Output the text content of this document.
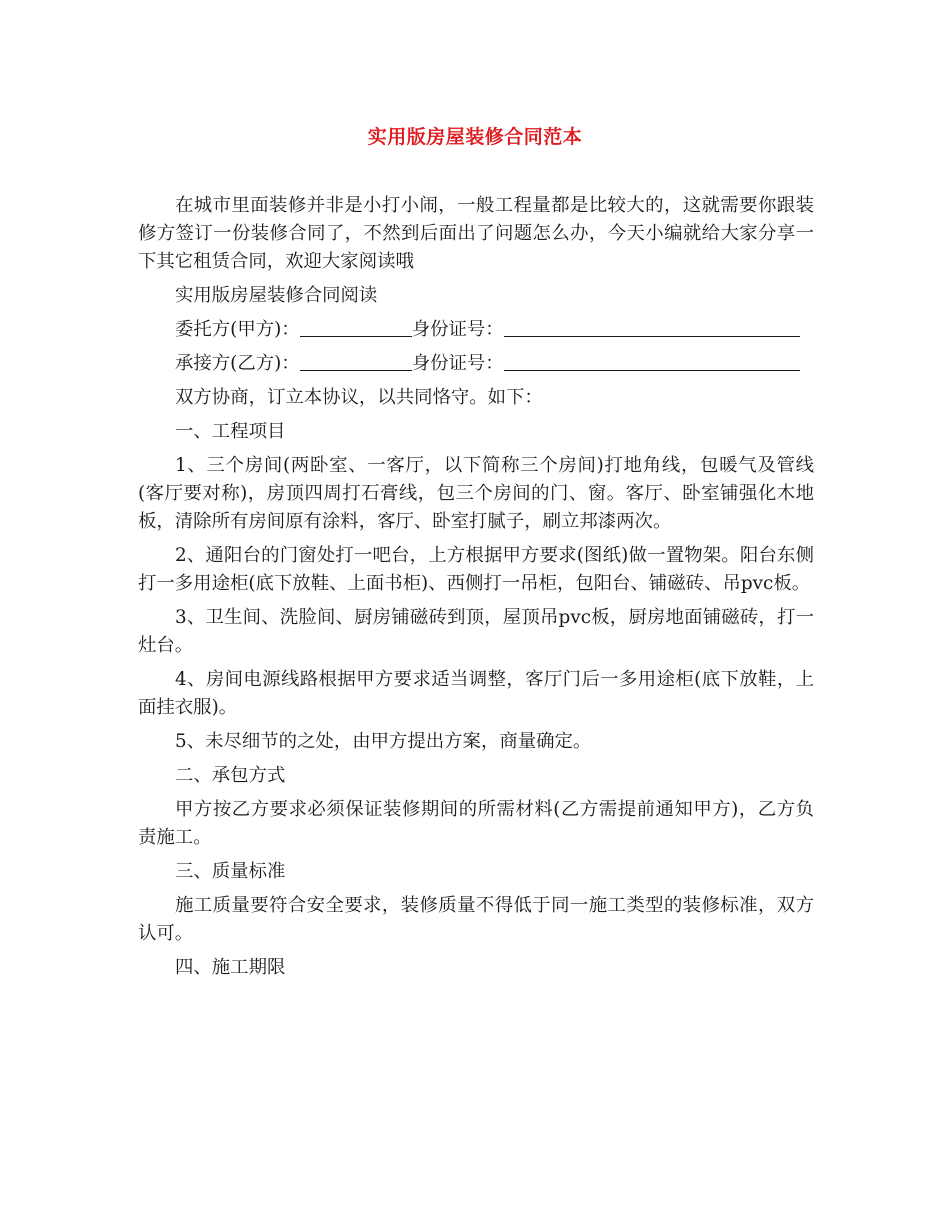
实用版房屋装修合同范本

在城市里面装修并非是小打小闹，一般工程量都是比较大的，这就需要你跟装修方签订一份装修合同了，不然到后面出了问题怎么办，今天小编就给大家分享一下其它租赁合同，欢迎大家阅读哦

实用版房屋装修合同阅读

委托方(甲方)：	身份证号：

承接方(乙方)：	身份证号：

双方协商，订立本协议，以共同恪守。如下：

一、工程项目

1、三个房间(两卧室、一客厅，以下简称三个房间)打地角线，包暖气及管线(客厅要对称)，房顶四周打石膏线，包三个房间的门、窗。客厅、卧室铺强化木地板，清除所有房间原有涂料，客厅、卧室打腻子，刷立邦漆两次。

2、通阳台的门窗处打一吧台，上方根据甲方要求(图纸)做一置物架。阳台东侧打一多用途柜(底下放鞋、上面书柜)、西侧打一吊柜，包阳台、铺磁砖、吊pvc板。

3、卫生间、洗脸间、厨房铺磁砖到顶，屋顶吊pvc板，厨房地面铺磁砖，打一灶台。

4、房间电源线路根据甲方要求适当调整，客厅门后一多用途柜(底下放鞋，上面挂衣服)。

5、未尽细节的之处，由甲方提出方案，商量确定。

二、承包方式

甲方按乙方要求必须保证装修期间的所需材料(乙方需提前通知甲方)，乙方负责施工。

三、质量标准

施工质量要符合安全要求，装修质量不得低于同一施工类型的装修标准，双方认可。

四、施工期限
